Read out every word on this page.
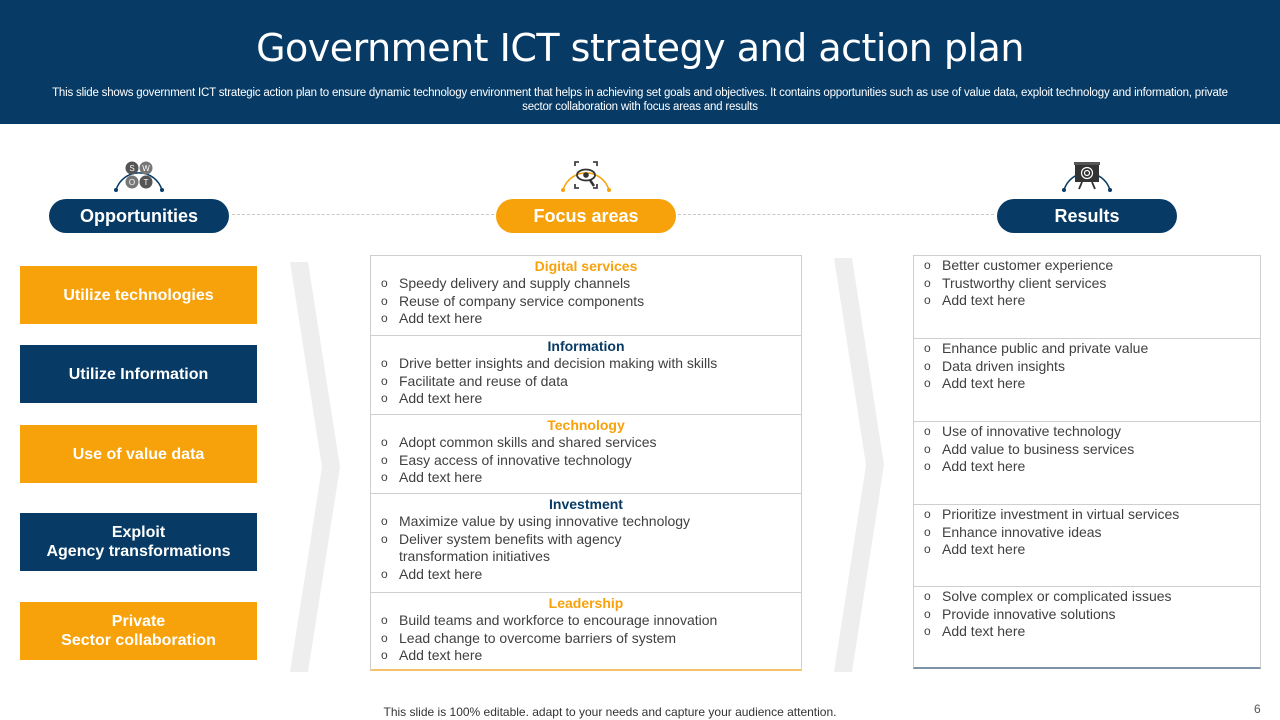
Government ICT strategy and action plan

This slide shows government ICT strategic action plan to ensure dynamic technology environment that helps in achieving set goals and objectives. It contains opportunities such as use of value data, exploit technology and information, private sector collaboration with focus areas and results

S W
O T
Opportunities	Focus areas	Results
Utilize technologies
Utilize Information
Use of value data
Exploit
Agency transformations
Private
Sector collaboration
Digital services
o Speedy delivery and supply channels
o Reuse of company service components
o Add text here
Information
o Drive better insights and decision making with skills
o Facilitate and reuse of data
o Add text here
Technology
o Adopt common skills and shared services
o Easy access of innovative technology
o Add text here
Investment
o Maximize value by using innovative technology
o Deliver system benefits with agency transformation initiatives
o Add text here
Leadership
o Build teams and workforce to encourage innovation
o Lead change to overcome barriers of system
o Add text here
o Better customer experience
o Trustworthy client services
o Add text here
o Enhance public and private value
o Data driven insights
o Add text here
o Use of innovative technology
o Add value to business services
o Add text here
o Prioritize investment in virtual services
o Enhance innovative ideas
o Add text here
o Solve complex or complicated issues
o Provide innovative solutions
o Add text here
This slide is 100% editable. adapt to your needs and capture your audience attention.	6
